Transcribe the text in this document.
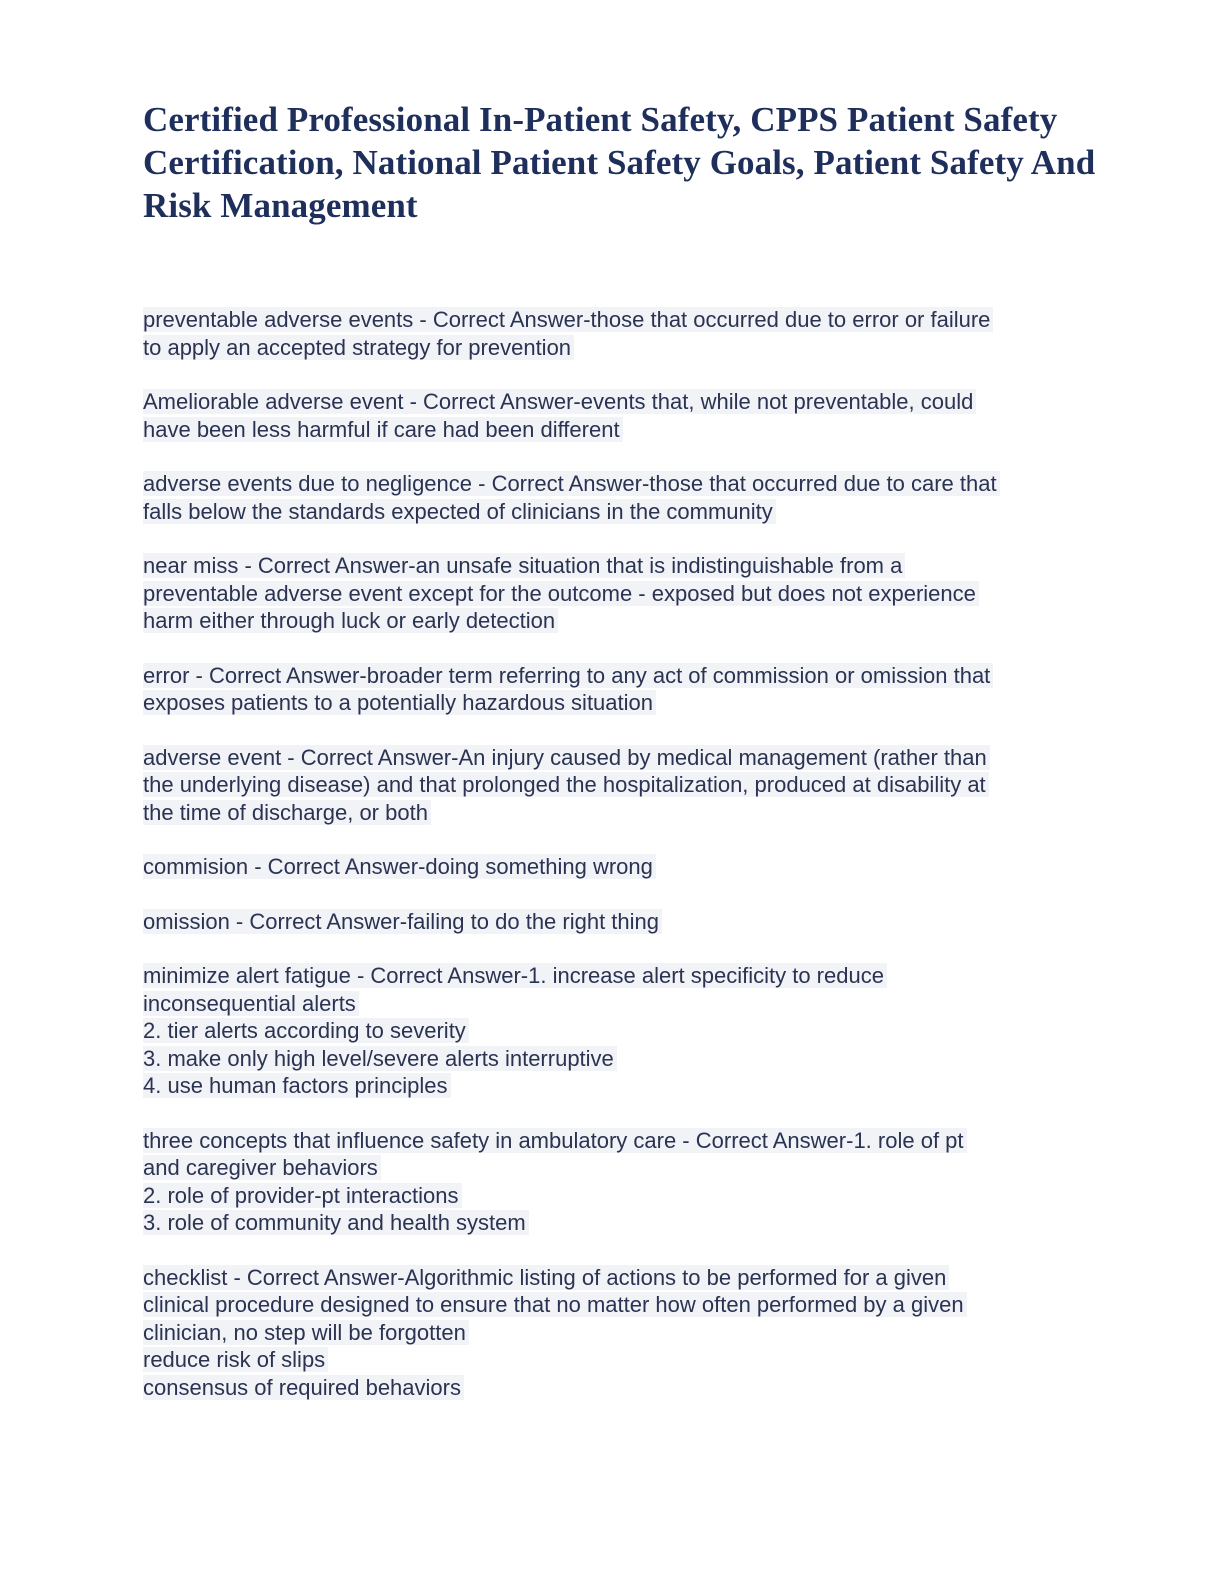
Certified Professional In-Patient Safety, CPPS Patient Safety Certification, National Patient Safety Goals, Patient Safety And Risk Management

preventable adverse events - Correct Answer-those that occurred due to error or failure
to apply an accepted strategy for prevention

Ameliorable adverse event - Correct Answer-events that, while not preventable, could
have been less harmful if care had been different

adverse events due to negligence - Correct Answer-those that occurred due to care that
falls below the standards expected of clinicians in the community

near miss - Correct Answer-an unsafe situation that is indistinguishable from a
preventable adverse event except for the outcome - exposed but does not experience
harm either through luck or early detection

error - Correct Answer-broader term referring to any act of commission or omission that
exposes patients to a potentially hazardous situation

adverse event - Correct Answer-An injury caused by medical management (rather than
the underlying disease) and that prolonged the hospitalization, produced at disability at
the time of discharge, or both

commision - Correct Answer-doing something wrong

omission - Correct Answer-failing to do the right thing

minimize alert fatigue - Correct Answer-1. increase alert specificity to reduce
inconsequential alerts
2. tier alerts according to severity
3. make only high level/severe alerts interruptive
4. use human factors principles

three concepts that influence safety in ambulatory care - Correct Answer-1. role of pt
and caregiver behaviors
2. role of provider-pt interactions
3. role of community and health system

checklist - Correct Answer-Algorithmic listing of actions to be performed for a given
clinical procedure designed to ensure that no matter how often performed by a given
clinician, no step will be forgotten
reduce risk of slips
consensus of required behaviors
